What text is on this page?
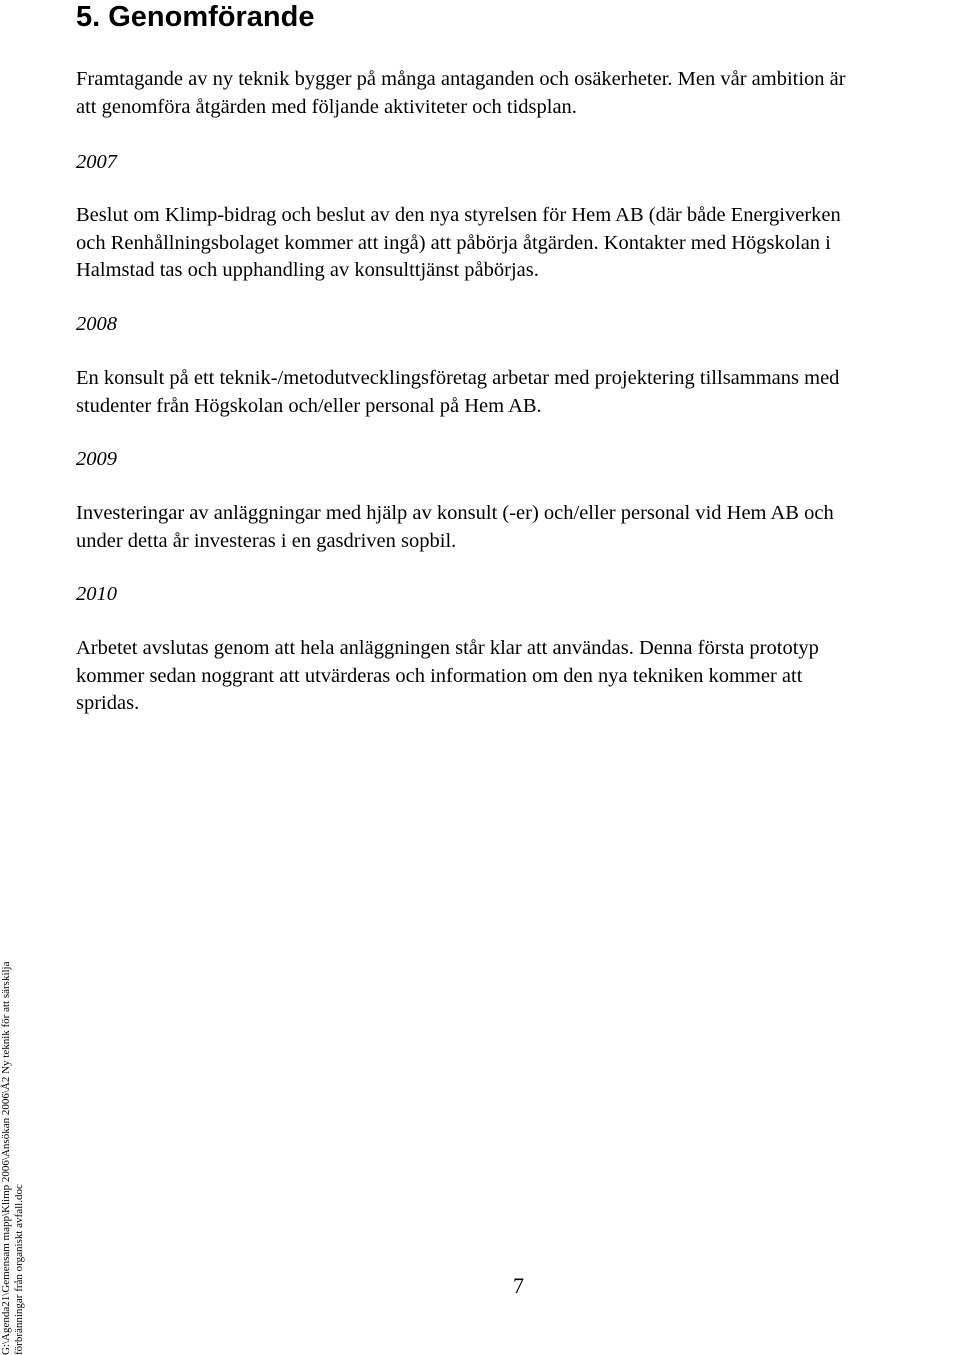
5. Genomförande

Framtagande av ny teknik bygger på många antaganden och osäkerheter. Men vår ambition är
att genomföra åtgärden med följande aktiviteter och tidsplan.

2007

Beslut om Klimp-bidrag och beslut av den nya styrelsen för Hem AB (där både Energiverken
och Renhållningsbolaget kommer att ingå) att påbörja åtgärden. Kontakter med Högskolan i
Halmstad tas och upphandling av konsulttjänst påbörjas.

2008

En konsult på ett teknik-/metodutvecklingsföretag arbetar med projektering tillsammans med
studenter från Högskolan och/eller personal på Hem AB.

2009

Investeringar av anläggningar med hjälp av konsult (-er) och/eller personal vid Hem AB och
under detta år investeras i en gasdriven sopbil.

2010

Arbetet avslutas genom att hela anläggningen står klar att användas. Denna första prototyp
kommer sedan noggrant att utvärderas och information om den nya tekniken kommer att
spridas.

7
G:\Agenda21\Gemensam mapp\Klimp 2006\Ansökan 2006\Å2 Ny teknik för att särskilja förbränningar från organiskt avfall.doc
